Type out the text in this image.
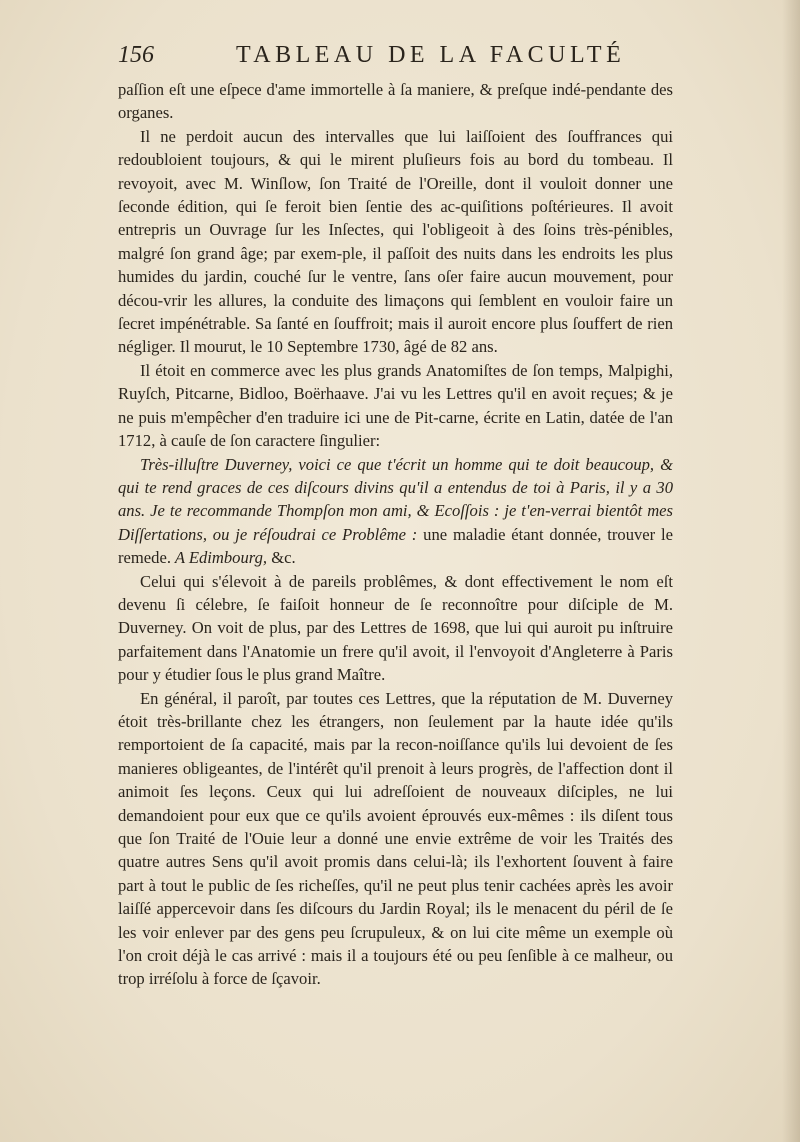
156	TABLEAU DE LA FACULTÉ

paſſion eſt une eſpece d'ame immortelle à ſa maniere, & preſque indé-pendante des organes.

Il ne perdoit aucun des intervalles que lui laiſſoient des ſouffrances qui redoubloient toujours, & qui le mirent pluſieurs fois au bord du tombeau. Il revoyoit, avec M. Winſlow, ſon Traité de l'Oreille, dont il vouloit donner une ſeconde édition, qui ſe feroit bien ſentie des ac-quiſitions poſtérieures. Il avoit entrepris un Ouvrage ſur les Inſectes, qui l'obligeoit à des ſoins très-pénibles, malgré ſon grand âge; par exem-ple, il paſſoit des nuits dans les endroits les plus humides du jardin, couché ſur le ventre, ſans oſer faire aucun mouvement, pour décou-vrir les allures, la conduite des limaçons qui ſemblent en vouloir faire un ſecret impénétrable. Sa ſanté en ſouffroit; mais il auroit encore plus ſouffert de rien négliger. Il mourut, le 10 Septembre 1730, âgé de 82 ans.

Il étoit en commerce avec les plus grands Anatomiſtes de ſon temps, Malpighi, Ruyſch, Pitcarne, Bidloo, Boërhaave. J'ai vu les Lettres qu'il en avoit reçues; & je ne puis m'empêcher d'en traduire ici une de Pit-carne, écrite en Latin, datée de l'an 1712, à cauſe de ſon caractere ſingulier:

Très-illuſtre Duverney, voici ce que t'écrit un homme qui te doit beaucoup, & qui te rend graces de ces diſcours divins qu'il a entendus de toi à Paris, il y a 30 ans. Je te recommande Thompſon mon ami, & Ecoſſois : je t'en-verrai bientôt mes Diſſertations, ou je réſoudrai ce Problême : une maladie étant donnée, trouver le remede. A Edimbourg, &c.

Celui qui s'élevoit à de pareils problêmes, & dont effectivement le nom eſt devenu ſi célebre, ſe faiſoit honneur de ſe reconnoître pour diſciple de M. Duverney. On voit de plus, par des Lettres de 1698, que lui qui auroit pu inſtruire parfaitement dans l'Anatomie un frere qu'il avoit, il l'envoyoit d'Angleterre à Paris pour y étudier ſous le plus grand Maître.

En général, il paroît, par toutes ces Lettres, que la réputation de M. Duverney étoit très-brillante chez les étrangers, non ſeulement par la haute idée qu'ils remportoient de ſa capacité, mais par la recon-noiſſance qu'ils lui devoient de ſes manieres obligeantes, de l'intérêt qu'il prenoit à leurs progrès, de l'affection dont il animoit ſes leçons. Ceux qui lui adreſſoient de nouveaux diſciples, ne lui demandoient pour eux que ce qu'ils avoient éprouvés eux-mêmes : ils diſent tous que ſon Traité de l'Ouie leur a donné une envie extrême de voir les Traités des quatre autres Sens qu'il avoit promis dans celui-là; ils l'exhortent ſouvent à faire part à tout le public de ſes richeſſes, qu'il ne peut plus tenir cachées après les avoir laiſſé appercevoir dans ſes diſcours du Jardin Royal; ils le menacent du péril de ſe les voir enlever par des gens peu ſcrupuleux, & on lui cite même un exemple où l'on croit déjà le cas arrivé : mais il a toujours été ou peu ſenſible à ce malheur, ou trop irréſolu à force de ſçavoir.
